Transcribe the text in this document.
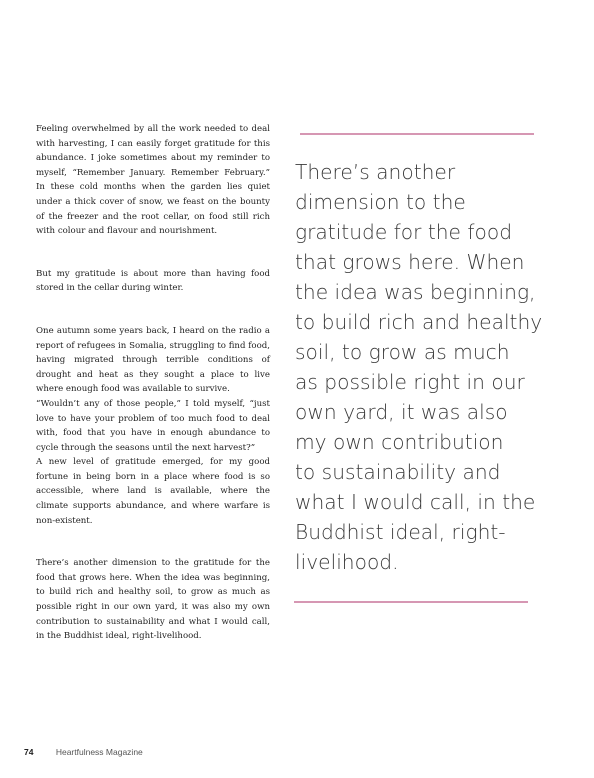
Feeling overwhelmed by all the work needed to deal with harvesting, I can easily forget gratitude for this abundance. I joke sometimes about my reminder to myself, “Remember January. Remember February.” In these cold months when the garden lies quiet under a thick cover of snow, we feast on the bounty of the freezer and the root cellar, on food still rich with colour and flavour and nourishment.

But my gratitude is about more than having food stored in the cellar during winter.

One autumn some years back, I heard on the radio a report of refugees in Somalia, struggling to find food, having migrated through terrible conditions of drought and heat as they sought a place to live where enough food was available to survive.

“Wouldn’t any of those people,” I told myself, “just love to have your problem of too much food to deal with, food that you have in enough abundance to cycle through the seasons until the next harvest?”

A new level of gratitude emerged, for my good fortune in being born in a place where food is so accessible, where land is available, where the climate supports abundance, and where warfare is non-existent.

There’s another dimension to the gratitude for the food that grows here. When the idea was beginning, to build rich and healthy soil, to grow as much as possible right in our own yard, it was also my own contribution to sustainability and what I would call, in the Buddhist ideal, right-livelihood.

There’s another
dimension to the
gratitude for the food
that grows here. When
the idea was beginning,
to build rich and healthy
soil, to grow as much
as possible right in our
own yard, it was also
my own contribution
to sustainability and
what I would call, in the
Buddhist ideal, right-
livelihood.
74	Heartfulness Magazine
